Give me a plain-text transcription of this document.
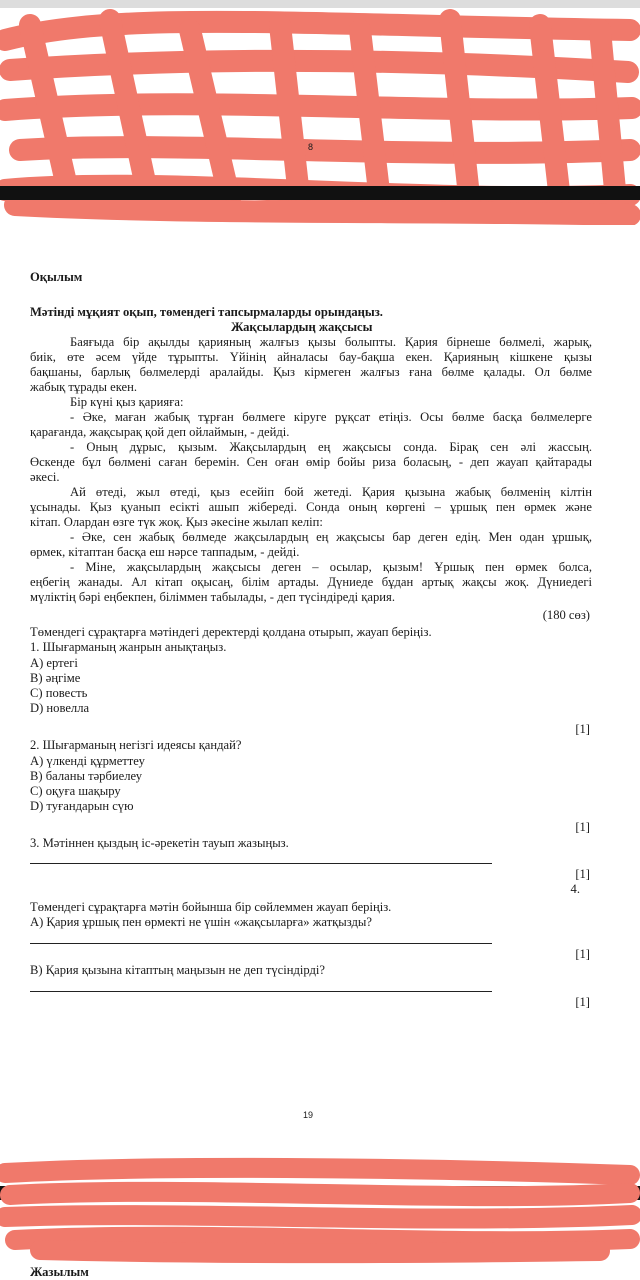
8
Оқылым
Мәтінді мұқият оқып, төмендегі тапсырмаларды орындаңыз.
Жақсылардың жақсысы
Баяғыда бір ақылды қарияның жалғыз қызы болыпты. Қария бірнеше бөлмелі, жарық,
биік, өте әсем үйде тұрыпты. Үйінің айналасы бау-бақша екен. Қарияның кішкене қызы
бақшаны, барлық бөлмелерді аралайды. Қыз кірмеген жалғыз ғана бөлме қалады. Ол бөлме
жабық тұрады екен.
Бір күні қыз қарияға:
- Әке, маған жабық тұрған бөлмеге кіруге рұқсат етіңіз. Осы бөлме басқа бөлмелерге
қарағанда, жақсырақ қой деп ойлаймын, - дейді.
- Оның дұрыс, қызым. Жақсылардың ең жақсысы сонда. Бірақ сен әлі жассың.
Өскенде бұл бөлмені саған беремін. Сен оған өмір бойы риза боласың, - деп жауап қайтарады
әкесі.
Ай өтеді, жыл өтеді, қыз есейіп бой жетеді. Қария қызына жабық бөлменің кілтін
ұсынады. Қыз қуанып есікті ашып жібереді. Сонда оның көргені – ұршық пен өрмек және
кітап. Олардан өзге түк жоқ. Қыз әкесіне жылап келіп:
- Әке, сен жабық бөлмеде жақсылардың ең жақсысы бар деген едің. Мен одан ұршық,
өрмек, кітаптан басқа еш нәрсе таппадым, - дейді.
- Міне, жақсылардың жақсысы деген – осылар, қызым! Ұршық пен өрмек болса,
еңбегің жанады. Ал кітап оқысаң, білім артады. Дүниеде бұдан артық жақсы жоқ. Дүниедегі
мүліктің бәрі еңбекпен, біліммен табылады, - деп түсіндіреді қария.
(180 сөз)
Төмендегі сұрақтарға мәтіндегі деректерді қолдана отырып, жауап беріңіз.
1. Шығарманың жанрын анықтаңыз.
A) ертегі
B) әңгіме
C) повесть
D) новелла
[1]
2. Шығарманың негізгі идеясы қандай?
A) үлкенді құрметтеу
B) баланы тәрбиелеу
C) оқуға шақыру
D) туғандарын сүю
[1]
3. Мәтіннен қыздың іс-әрекетін тауып жазыңыз.
[1]
4.
Төмендегі сұрақтарға мәтін бойынша бір сөйлеммен жауап беріңіз.
A) Қария ұршық пен өрмекті не үшін «жақсыларға» жатқызды?
[1]
B) Қария қызына кітаптың маңызын не деп түсіндірді?
[1]
19
Жазылым
